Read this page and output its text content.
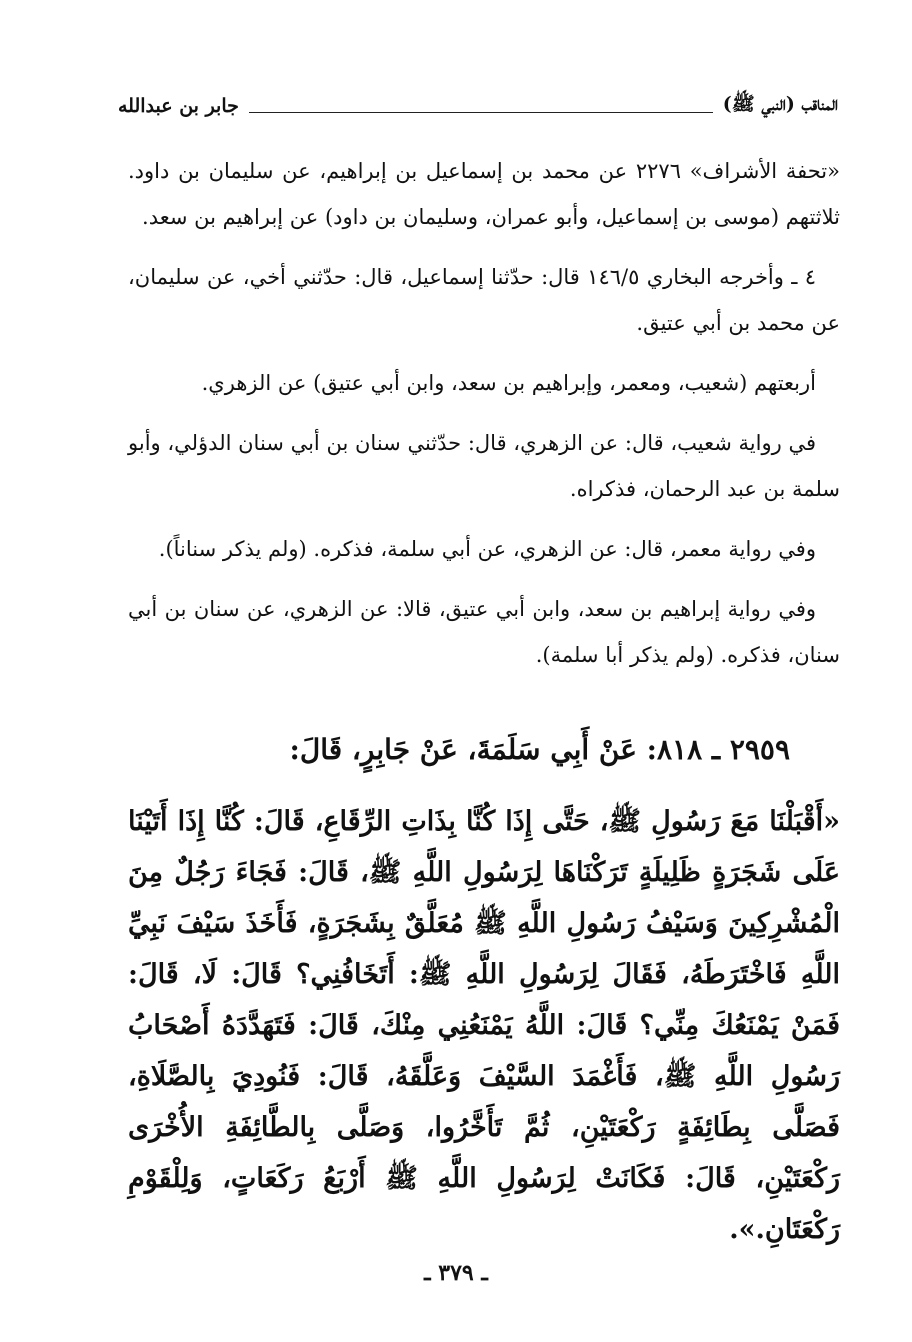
المناقب (النبي ﷺ)
جابر بن عبدالله

«تحفة الأشراف» ٢٢٧٦ عن محمد بن إسماعيل بن إبراهيم، عن سليمان بن داود. ثلاثتهم (موسى بن إسماعيل، وأبو عمران، وسليمان بن داود) عن إبراهيم بن سعد.

٤ ـ وأخرجه البخاري ١٤٦/٥ قال: حدّثنا إسماعيل، قال: حدّثني أخي، عن سليمان، عن محمد بن أبي عتيق.

أربعتهم (شعيب، ومعمر، وإبراهيم بن سعد، وابن أبي عتيق) عن الزهري.

في رواية شعيب، قال: عن الزهري، قال: حدّثني سنان بن أبي سنان الدؤلي، وأبو سلمة بن عبد الرحمان، فذكراه.

وفي رواية معمر، قال: عن الزهري، عن أبي سلمة، فذكره. (ولم يذكر سناناً).

وفي رواية إبراهيم بن سعد، وابن أبي عتيق، قالا: عن الزهري، عن سنان بن أبي سنان، فذكره. (ولم يذكر أبا سلمة).

٢٩٥٩ ـ ٨١٨: عَنْ أَبِي سَلَمَةَ، عَنْ جَابِرٍ، قَالَ:

«أَقْبَلْنَا مَعَ رَسُولِ ﷺ، حَتَّى إِذَا كُنَّا بِذَاتِ الرِّقَاعِ، قَالَ: كُنَّا إِذَا أَتَيْنَا عَلَى شَجَرَةٍ ظَلِيلَةٍ تَرَكْنَاهَا لِرَسُولِ اللَّهِ ﷺ، قَالَ: فَجَاءَ رَجُلٌ مِنَ الْمُشْرِكِينَ وَسَيْفُ رَسُولِ اللَّهِ ﷺ مُعَلَّقٌ بِشَجَرَةٍ، فَأَخَذَ سَيْفَ نَبِيِّ اللَّهِ فَاخْتَرَطَهُ، فَقَالَ لِرَسُولِ اللَّهِ ﷺ: أَتَخَافُنِي؟ قَالَ: لَا، قَالَ: فَمَنْ يَمْنَعُكَ مِنِّي؟ قَالَ: اللَّهُ يَمْنَعُنِي مِنْكَ، قَالَ: فَتَهَدَّدَهُ أَصْحَابُ رَسُولِ اللَّهِ ﷺ، فَأَغْمَدَ السَّيْفَ وَعَلَّقَهُ، قَالَ: فَنُودِيَ بِالصَّلَاةِ، فَصَلَّى بِطَائِفَةٍ رَكْعَتَيْنِ، ثُمَّ تَأَخَّرُوا، وَصَلَّى بِالطَّائِفَةِ الأُخْرَى رَكْعَتَيْنِ، قَالَ: فَكَانَتْ لِرَسُولِ اللَّهِ ﷺ أَرْبَعُ رَكَعَاتٍ، وَلِلْقَوْمِ رَكْعَتَانِ.».

ـ ٣٧٩ ـ
